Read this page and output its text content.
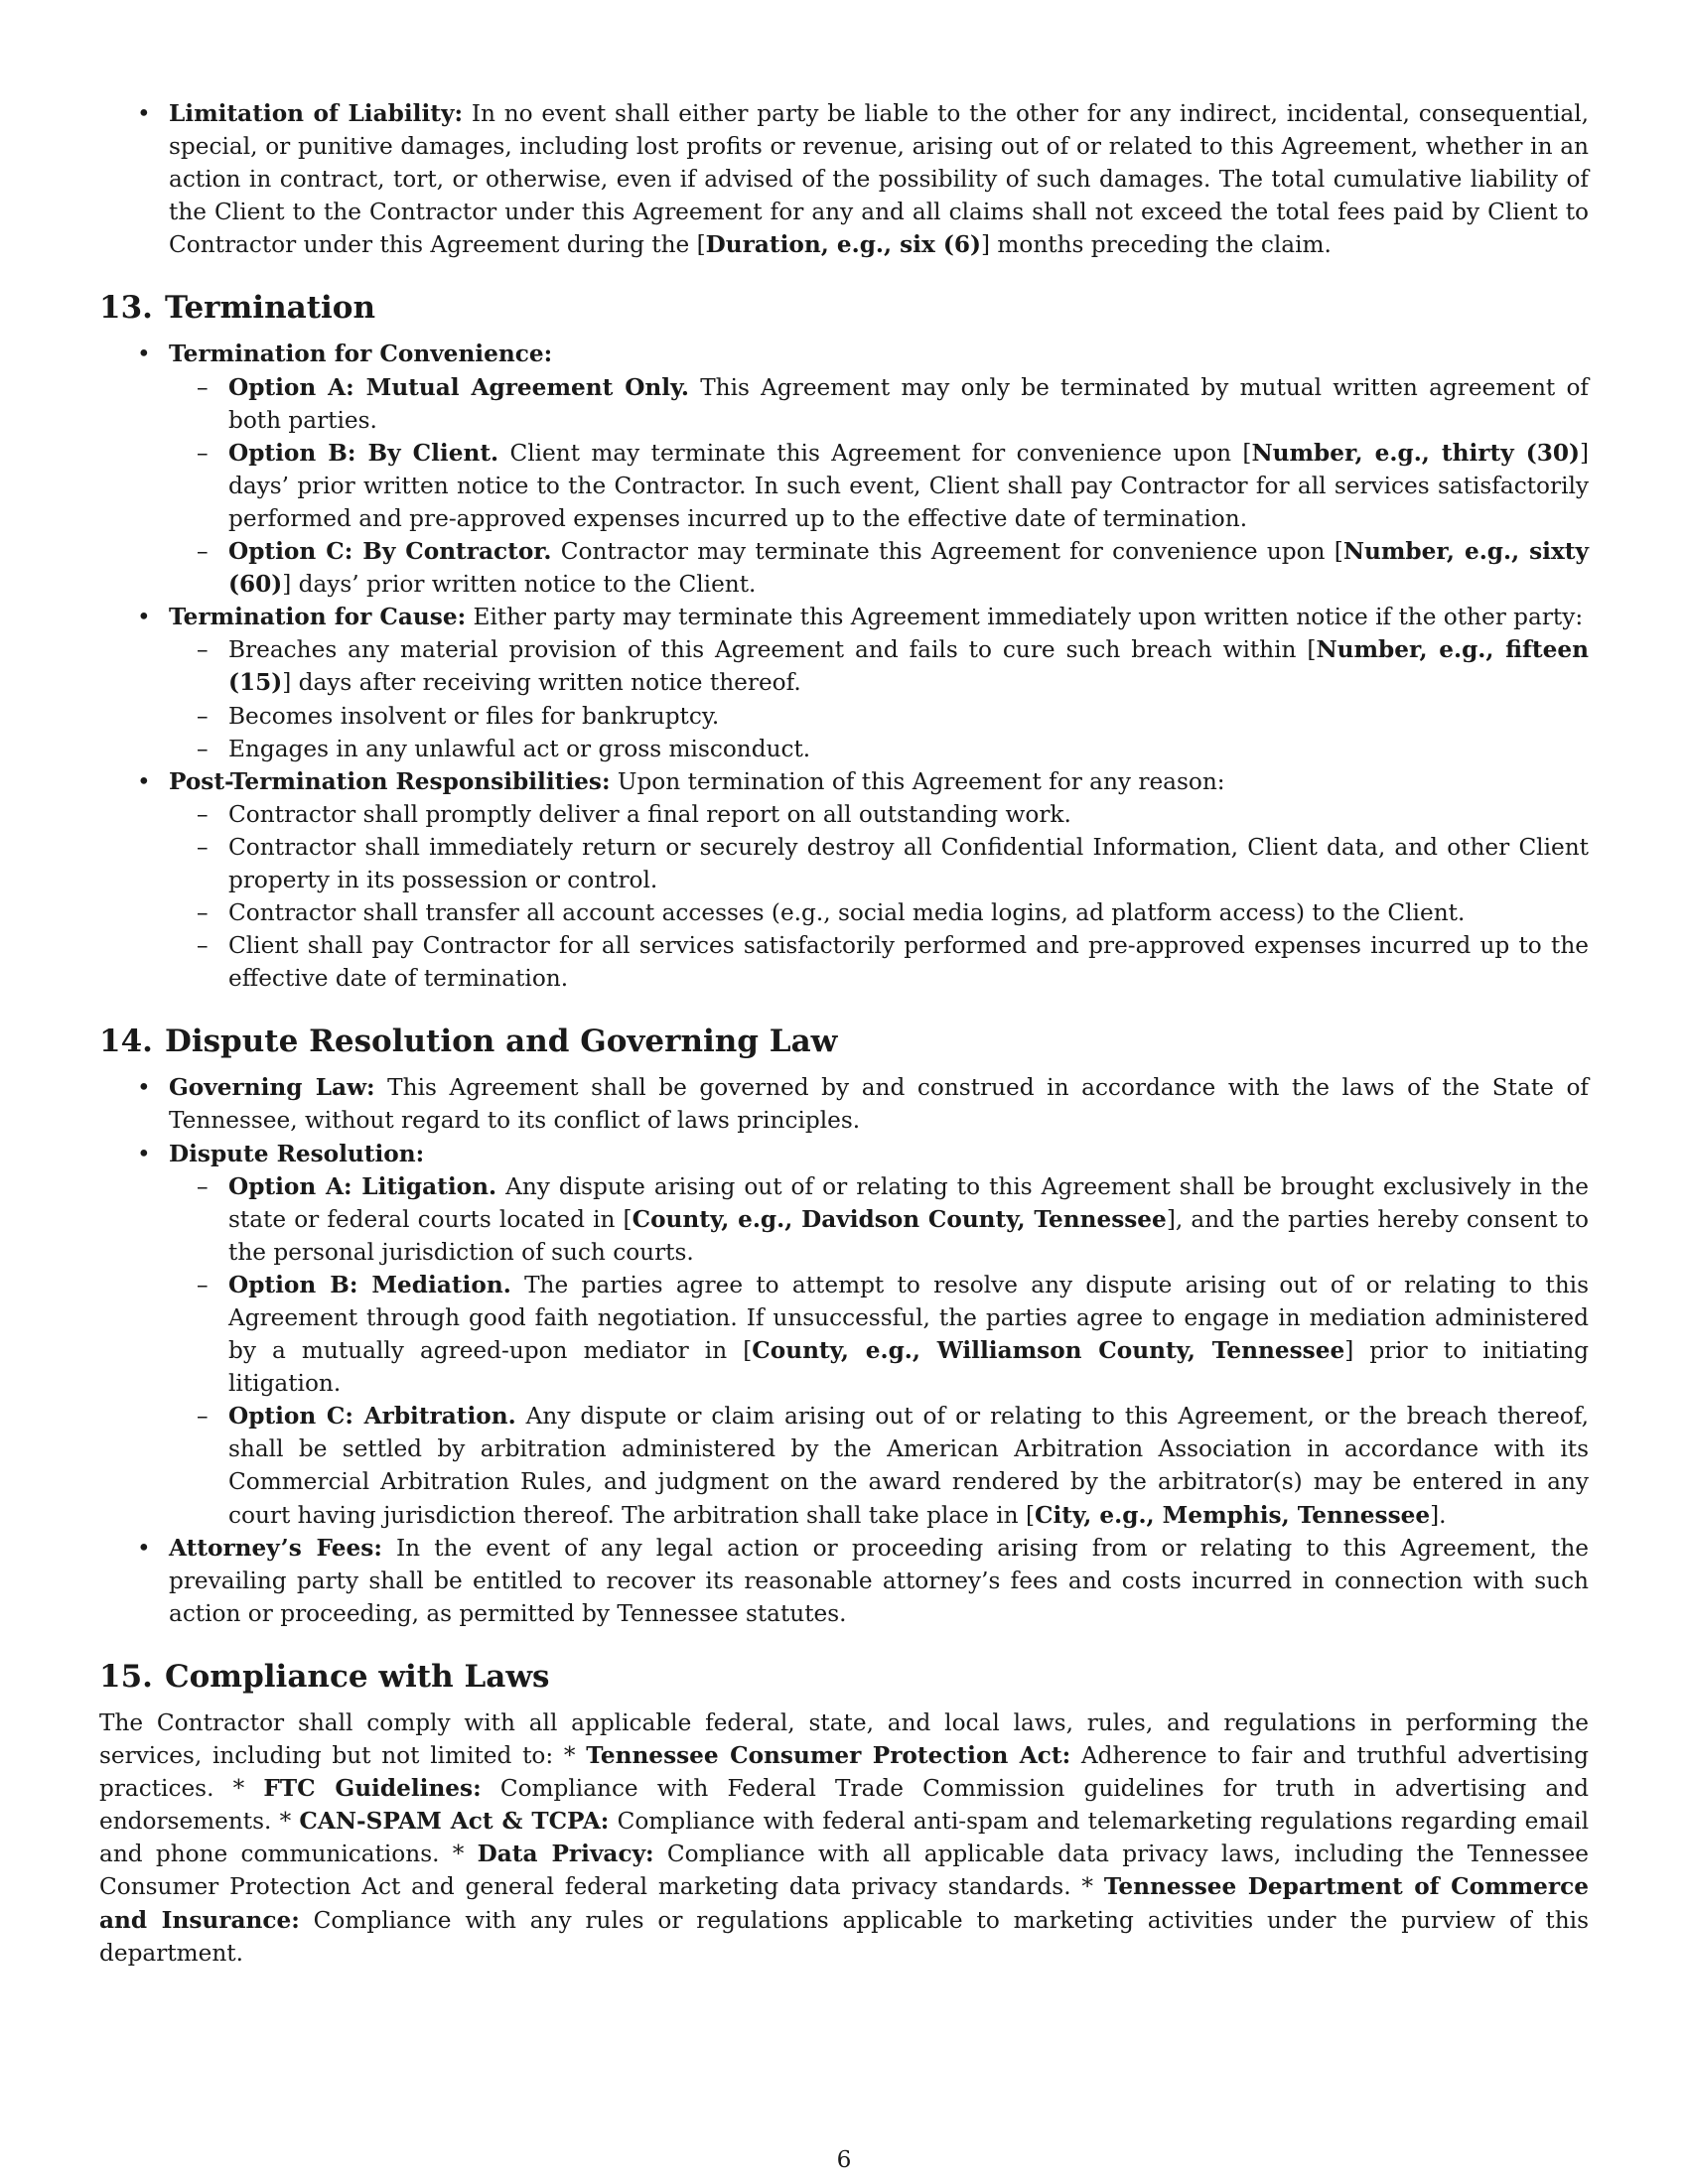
• Limitation of Liability: In no event shall either party be liable to the other for any indirect, incidental, consequential, special, or punitive damages, including lost profits or revenue, arising out of or related to this Agreement, whether in an action in contract, tort, or otherwise, even if advised of the possibility of such damages. The total cumulative liability of the Client to the Contractor under this Agreement for any and all claims shall not exceed the total fees paid by Client to Contractor under this Agreement during the [Duration, e.g., six (6)] months preceding the claim.
13. Termination
• Termination for Convenience:
– Option A: Mutual Agreement Only. This Agreement may only be terminated by mutual written agreement of both parties.
– Option B: By Client. Client may terminate this Agreement for convenience upon [Number, e.g., thirty (30)] days’ prior written notice to the Contractor. In such event, Client shall pay Contractor for all services satisfactorily performed and pre-approved expenses incurred up to the effective date of termination.
– Option C: By Contractor. Contractor may terminate this Agreement for convenience upon [Number, e.g., sixty (60)] days’ prior written notice to the Client.
• Termination for Cause: Either party may terminate this Agreement immediately upon written notice if the other party:
– Breaches any material provision of this Agreement and fails to cure such breach within [Number, e.g., fifteen (15)] days after receiving written notice thereof.
– Becomes insolvent or files for bankruptcy.
– Engages in any unlawful act or gross misconduct.
• Post-Termination Responsibilities: Upon termination of this Agreement for any reason:
– Contractor shall promptly deliver a final report on all outstanding work.
– Contractor shall immediately return or securely destroy all Confidential Information, Client data, and other Client property in its possession or control.
– Contractor shall transfer all account accesses (e.g., social media logins, ad platform access) to the Client.
– Client shall pay Contractor for all services satisfactorily performed and pre-approved expenses incurred up to the effective date of termination.
14. Dispute Resolution and Governing Law
• Governing Law: This Agreement shall be governed by and construed in accordance with the laws of the State of Tennessee, without regard to its conflict of laws principles.
• Dispute Resolution:
– Option A: Litigation. Any dispute arising out of or relating to this Agreement shall be brought exclusively in the state or federal courts located in [County, e.g., Davidson County, Tennessee], and the parties hereby consent to the personal jurisdiction of such courts.
– Option B: Mediation. The parties agree to attempt to resolve any dispute arising out of or relating to this Agreement through good faith negotiation. If unsuccessful, the parties agree to engage in mediation administered by a mutually agreed-upon mediator in [County, e.g., Williamson County, Tennessee] prior to initiating litigation.
– Option C: Arbitration. Any dispute or claim arising out of or relating to this Agreement, or the breach thereof, shall be settled by arbitration administered by the American Arbitration Association in accordance with its Commercial Arbitration Rules, and judgment on the award rendered by the arbitrator(s) may be entered in any court having jurisdiction thereof. The arbitration shall take place in [City, e.g., Memphis, Tennessee].
• Attorney’s Fees: In the event of any legal action or proceeding arising from or relating to this Agreement, the prevailing party shall be entitled to recover its reasonable attorney’s fees and costs incurred in connection with such action or proceeding, as permitted by Tennessee statutes.
15. Compliance with Laws

The Contractor shall comply with all applicable federal, state, and local laws, rules, and regulations in performing the services, including but not limited to: * Tennessee Consumer Protection Act: Adherence to fair and truthful advertising practices. * FTC Guidelines: Compliance with Federal Trade Commission guidelines for truth in advertising and endorsements. * CAN-SPAM Act & TCPA: Compliance with federal anti-spam and telemarketing regulations regarding email and phone communications. * Data Privacy: Compliance with all applicable data privacy laws, including the Tennessee Consumer Protection Act and general federal marketing data privacy standards. * Tennessee Department of Commerce and Insurance: Compliance with any rules or regulations applicable to marketing activities under the purview of this department.

6
